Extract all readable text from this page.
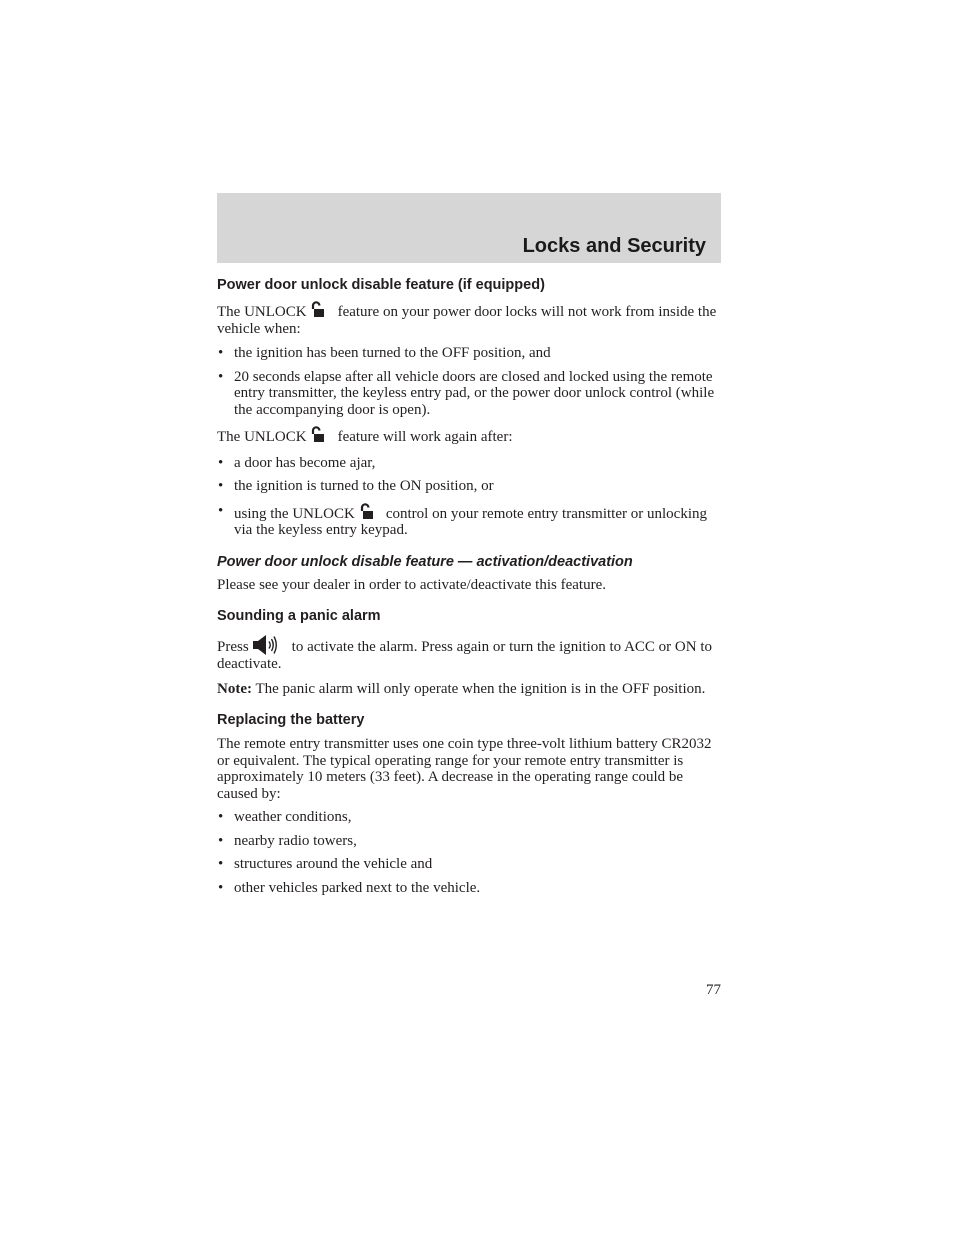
Locks and Security
Power door unlock disable feature (if equipped)

The UNLOCK feature on your power door locks will not work from inside the vehicle when:

• the ignition has been turned to the OFF position, and
• 20 seconds elapse after all vehicle doors are closed and locked using the remote entry transmitter, the keyless entry pad, or the power door unlock control (while the accompanying door is open).

The UNLOCK feature will work again after:

• a door has become ajar,
• the ignition is turned to the ON position, or
• using the UNLOCK control on your remote entry transmitter or unlocking via the keyless entry keypad.
Power door unlock disable feature — activation/deactivation

Please see your dealer in order to activate/deactivate this feature.

Sounding a panic alarm

Press	to activate the alarm. Press again or turn the ignition to ACC or ON to deactivate.

Note: The panic alarm will only operate when the ignition is in the OFF position.

Replacing the battery

The remote entry transmitter uses one coin type three-volt lithium battery CR2032 or equivalent. The typical operating range for your remote entry transmitter is approximately 10 meters (33 feet). A decrease in the operating range could be caused by:

• weather conditions,
• nearby radio towers,
• structures around the vehicle and
• other vehicles parked next to the vehicle.
77
